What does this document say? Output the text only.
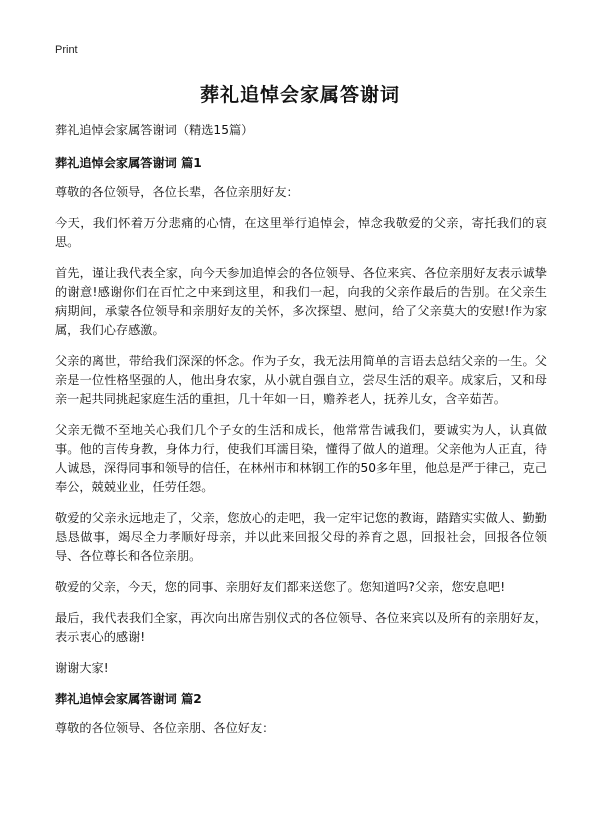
Print
葬礼追悼会家属答谢词

葬礼追悼会家属答谢词（精选15篇）

葬礼追悼会家属答谢词 篇1

尊敬的各位领导，各位长辈，各位亲朋好友：

今天，我们怀着万分悲痛的心情，在这里举行追悼会，悼念我敬爱的父亲，寄托我们的哀思。

首先，谨让我代表全家，向今天参加追悼会的各位领导、各位来宾、各位亲朋好友表示诚挚的谢意!感谢你们在百忙之中来到这里，和我们一起，向我的父亲作最后的告别。在父亲生病期间，承蒙各位领导和亲朋好友的关怀，多次探望、慰问，给了父亲莫大的安慰!作为家属，我们心存感激。

父亲的离世，带给我们深深的怀念。作为子女，我无法用简单的言语去总结父亲的一生。父亲是一位性格坚强的人，他出身农家，从小就自强自立，尝尽生活的艰辛。成家后，又和母亲一起共同挑起家庭生活的重担，几十年如一日，赡养老人，抚养儿女，含辛茹苦。

父亲无微不至地关心我们几个子女的生活和成长，他常常告诫我们，要诚实为人，认真做事。他的言传身教，身体力行，使我们耳濡目染，懂得了做人的道理。父亲他为人正直，待人诚恳，深得同事和领导的信任，在林州市和林钢工作的50多年里，他总是严于律己，克己奉公，兢兢业业，任劳任怨。

敬爱的父亲永远地走了，父亲，您放心的走吧，我一定牢记您的教诲，踏踏实实做人、勤勤恳恳做事，竭尽全力孝顺好母亲，并以此来回报父母的养育之恩，回报社会，回报各位领导、各位尊长和各位亲朋。

敬爱的父亲，今天，您的同事、亲朋好友们都来送您了。您知道吗?父亲，您安息吧!

最后，我代表我们全家，再次向出席告别仪式的各位领导、各位来宾以及所有的亲朋好友，表示衷心的感谢!

谢谢大家!

葬礼追悼会家属答谢词 篇2

尊敬的各位领导、各位亲朋、各位好友：
